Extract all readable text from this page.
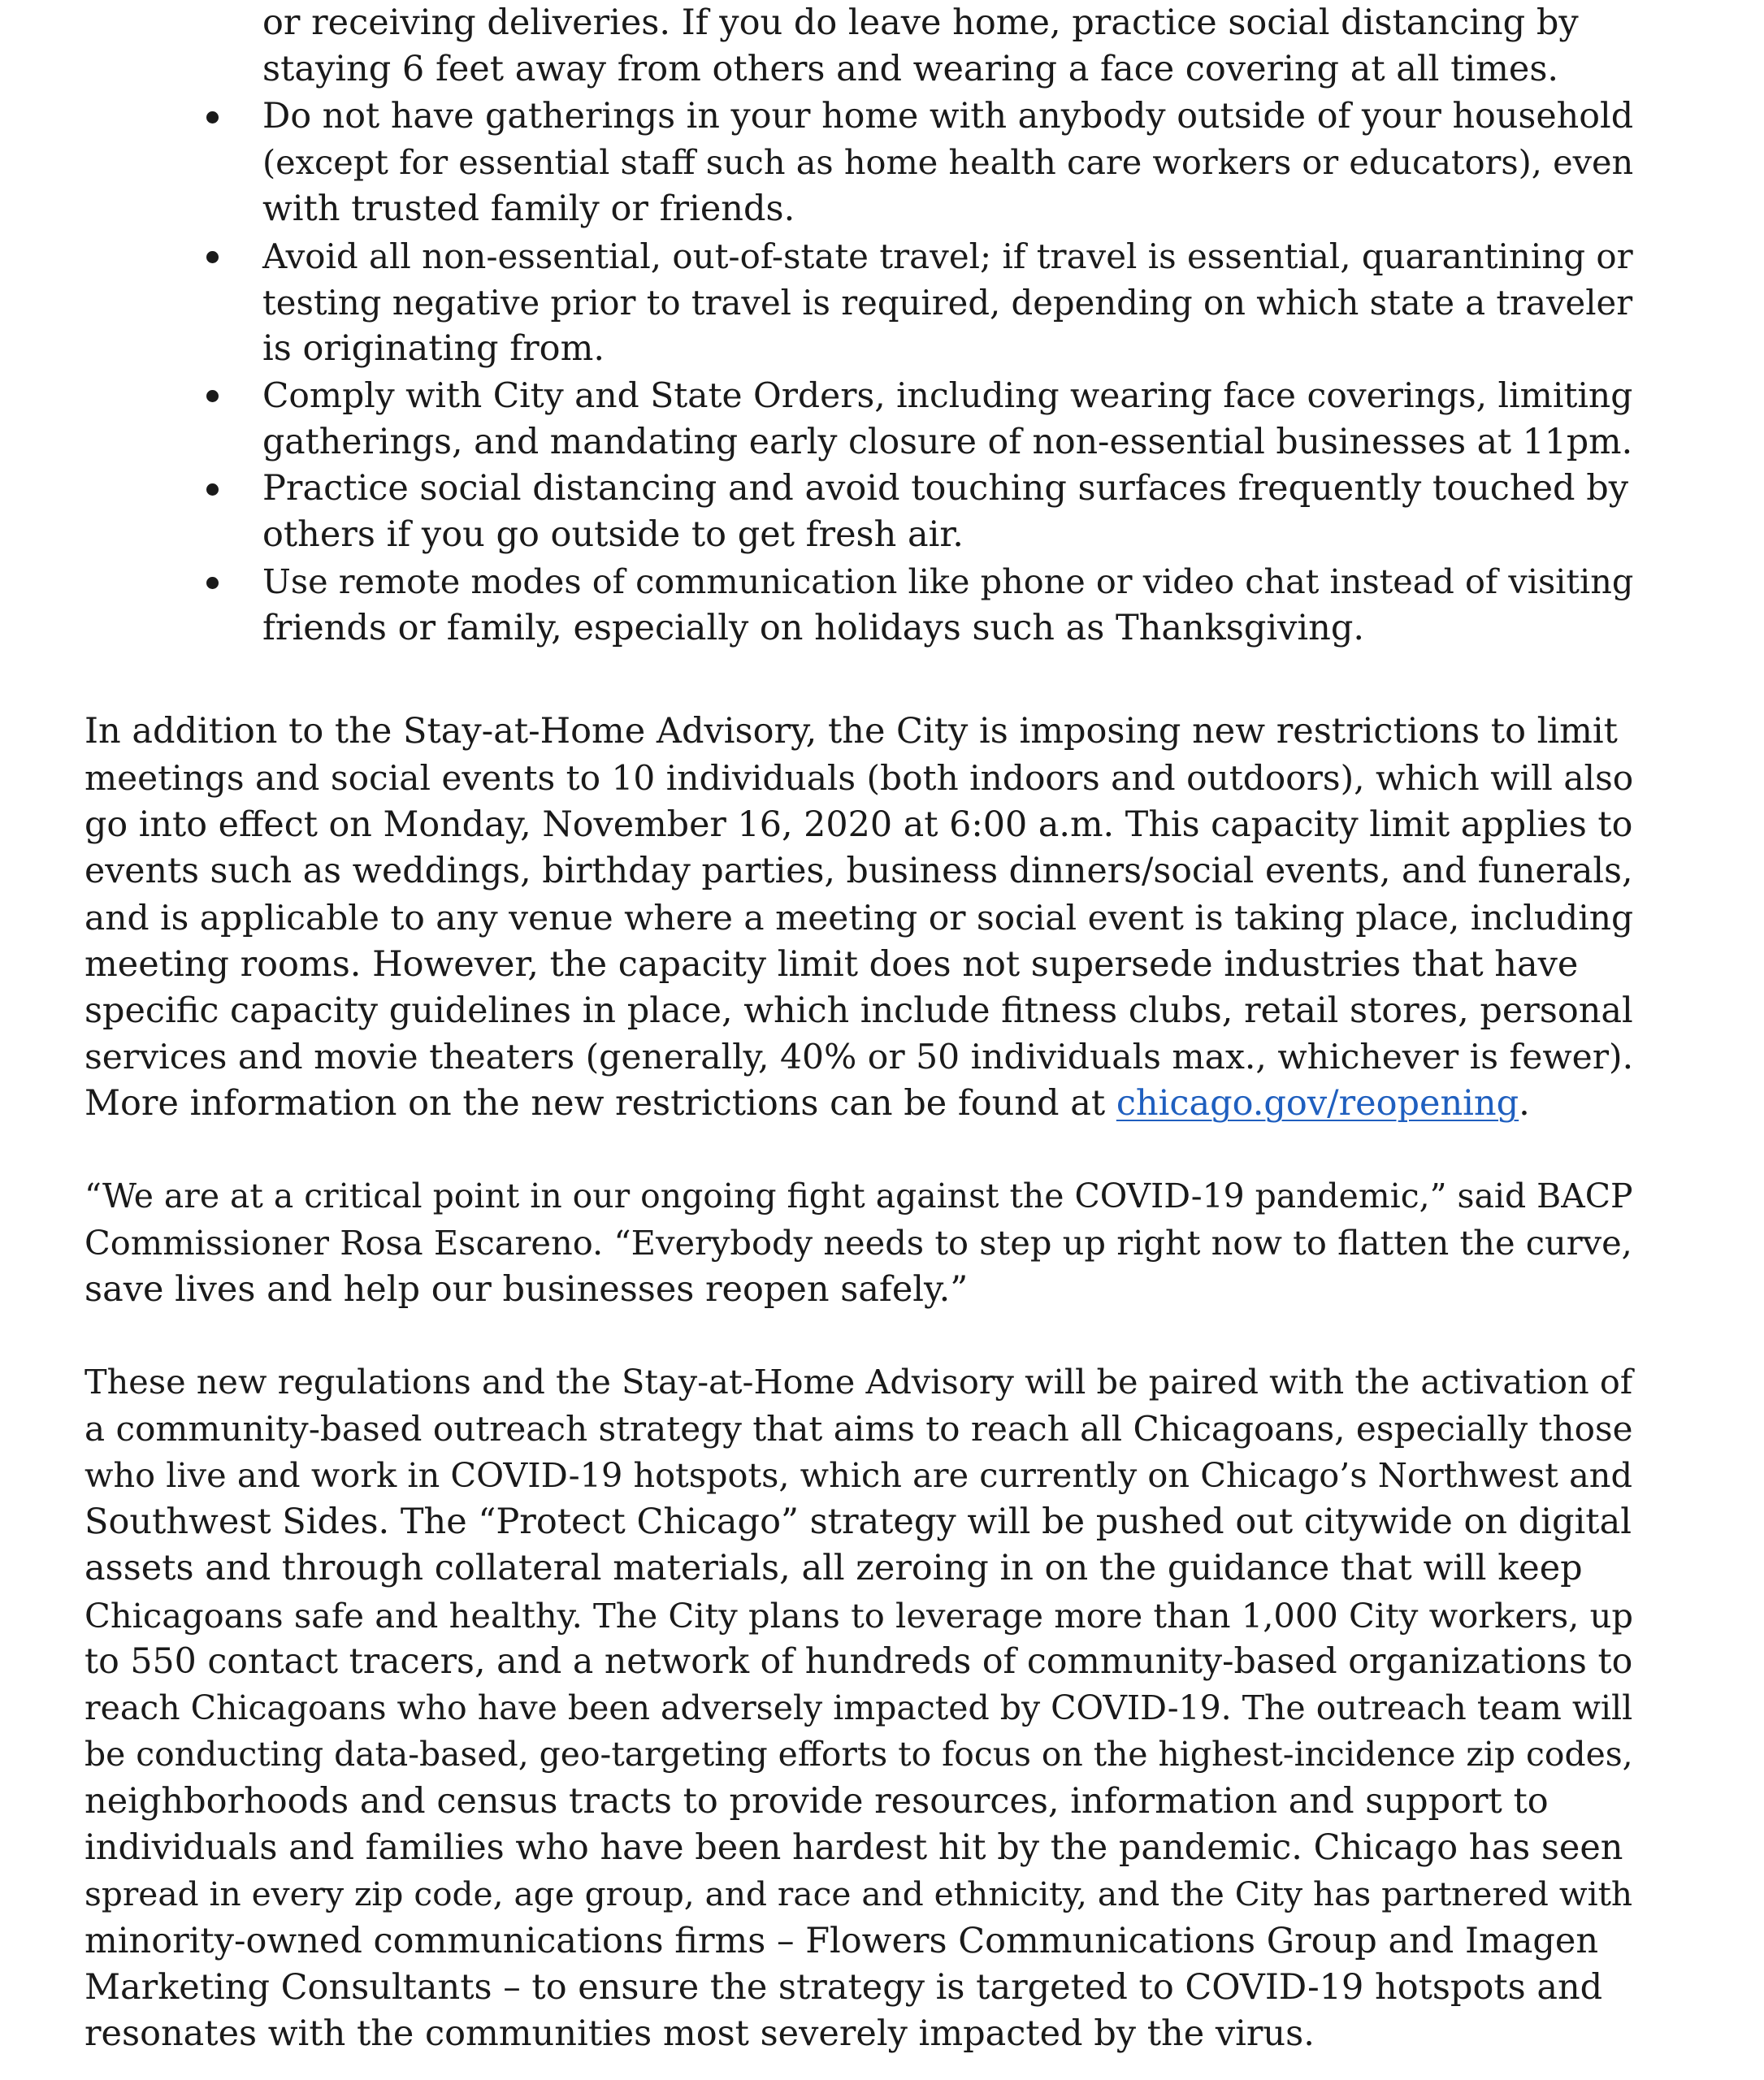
or receiving deliveries. If you do leave home, practice social distancing by
staying 6 feet away from others and wearing a face covering at all times.
Do not have gatherings in your home with anybody outside of your household
(except for essential staff such as home health care workers or educators), even
with trusted family or friends.
Avoid all non-essential, out-of-state travel; if travel is essential, quarantining or
testing negative prior to travel is required, depending on which state a traveler
is originating from.
Comply with City and State Orders, including wearing face coverings, limiting
gatherings, and mandating early closure of non-essential businesses at 11pm.
Practice social distancing and avoid touching surfaces frequently touched by
others if you go outside to get fresh air.
Use remote modes of communication like phone or video chat instead of visiting
friends or family, especially on holidays such as Thanksgiving.
In addition to the Stay-at-Home Advisory, the City is imposing new restrictions to limit
meetings and social events to 10 individuals (both indoors and outdoors), which will also
go into effect on Monday, November 16, 2020 at 6:00 a.m. This capacity limit applies to
events such as weddings, birthday parties, business dinners/social events, and funerals,
and is applicable to any venue where a meeting or social event is taking place, including
meeting rooms. However, the capacity limit does not supersede industries that have
specific capacity guidelines in place, which include fitness clubs, retail stores, personal
services and movie theaters (generally, 40% or 50 individuals max., whichever is fewer).
More information on the new restrictions can be found at chicago.gov/reopening.
“We are at a critical point in our ongoing fight against the COVID-19 pandemic,” said BACP
Commissioner Rosa Escareno. “Everybody needs to step up right now to flatten the curve,
save lives and help our businesses reopen safely.”
These new regulations and the Stay-at-Home Advisory will be paired with the activation of
a community-based outreach strategy that aims to reach all Chicagoans, especially those
who live and work in COVID-19 hotspots, which are currently on Chicago’s Northwest and
Southwest Sides. The “Protect Chicago” strategy will be pushed out citywide on digital
assets and through collateral materials, all zeroing in on the guidance that will keep
Chicagoans safe and healthy. The City plans to leverage more than 1,000 City workers, up
to 550 contact tracers, and a network of hundreds of community-based organizations to
reach Chicagoans who have been adversely impacted by COVID-19. The outreach team will
be conducting data-based, geo-targeting efforts to focus on the highest-incidence zip codes,
neighborhoods and census tracts to provide resources, information and support to
individuals and families who have been hardest hit by the pandemic. Chicago has seen
spread in every zip code, age group, and race and ethnicity, and the City has partnered with
minority-owned communications firms – Flowers Communications Group and Imagen
Marketing Consultants – to ensure the strategy is targeted to COVID-19 hotspots and
resonates with the communities most severely impacted by the virus.
